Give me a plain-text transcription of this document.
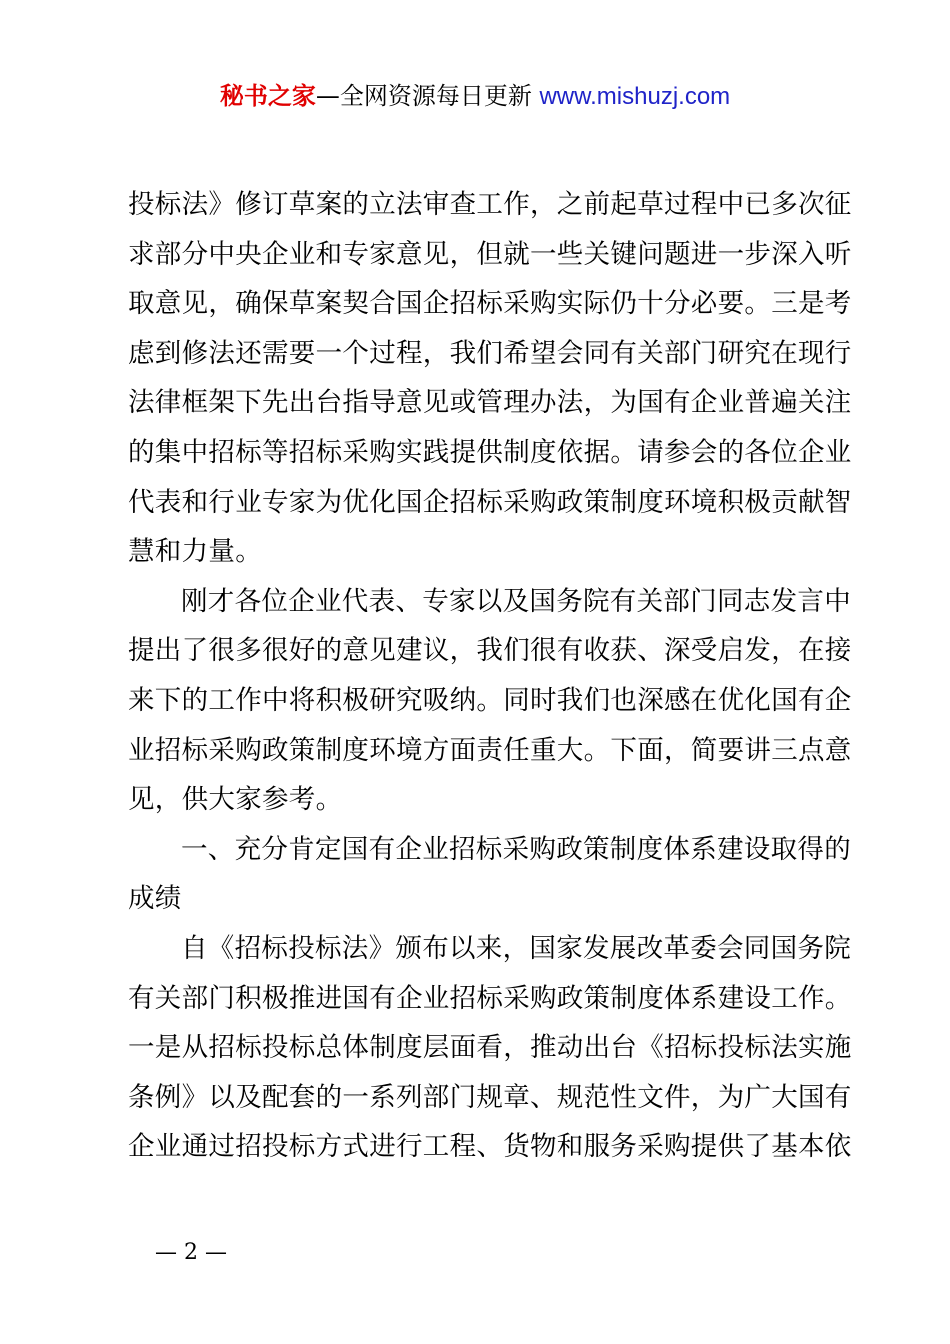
秘书之家—全网资源每日更新 www.mishuzj.com
投标法》修订草案的立法审查工作，之前起草过程中已多次征
求部分中央企业和专家意见，但就一些关键问题进一步深入听
取意见，确保草案契合国企招标采购实际仍十分必要。三是考
虑到修法还需要一个过程，我们希望会同有关部门研究在现行
法律框架下先出台指导意见或管理办法，为国有企业普遍关注
的集中招标等招标采购实践提供制度依据。请参会的各位企业
代表和行业专家为优化国企招标采购政策制度环境积极贡献智
慧和力量。
刚才各位企业代表、专家以及国务院有关部门同志发言中
提出了很多很好的意见建议，我们很有收获、深受启发，在接
来下的工作中将积极研究吸纳。同时我们也深感在优化国有企
业招标采购政策制度环境方面责任重大。下面，简要讲三点意
见，供大家参考。
一、充分肯定国有企业招标采购政策制度体系建设取得的
成绩
自《招标投标法》颁布以来，国家发展改革委会同国务院
有关部门积极推进国有企业招标采购政策制度体系建设工作。
一是从招标投标总体制度层面看，推动出台《招标投标法实施
条例》以及配套的一系列部门规章、规范性文件，为广大国有
企业通过招投标方式进行工程、货物和服务采购提供了基本依
— 2 —
